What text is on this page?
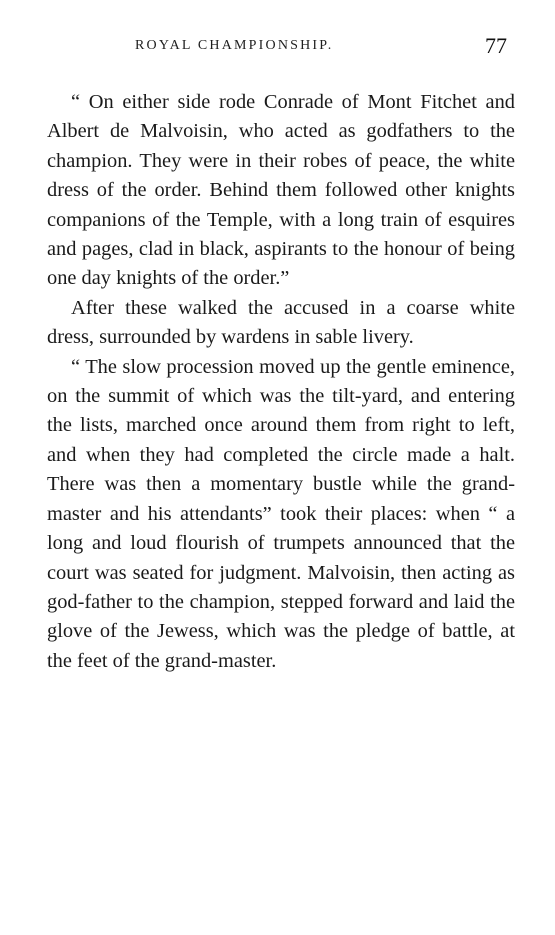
ROYAL CHAMPIONSHIP.	77

“ On either side rode Conrade of Mont Fitchet and Albert de Malvoisin, who acted as godfathers to the champion. They were in their robes of peace, the white dress of the order. Behind them followed other knights companions of the Temple, with a long train of esquires and pages, clad in black, aspirants to the honour of being one day knights of the order.”

After these walked the accused in a coarse white dress, surrounded by wardens in sable livery.

“ The slow procession moved up the gentle eminence, on the summit of which was the tilt-yard, and entering the lists, marched once around them from right to left, and when they had completed the circle made a halt. There was then a momentary bustle while the grand-master and his attendants” took their places: when “ a long and loud flourish of trumpets announced that the court was seated for judgment. Malvoisin, then acting as god-father to the champion, stepped forward and laid the glove of the Jewess, which was the pledge of battle, at the feet of the grand-master.
